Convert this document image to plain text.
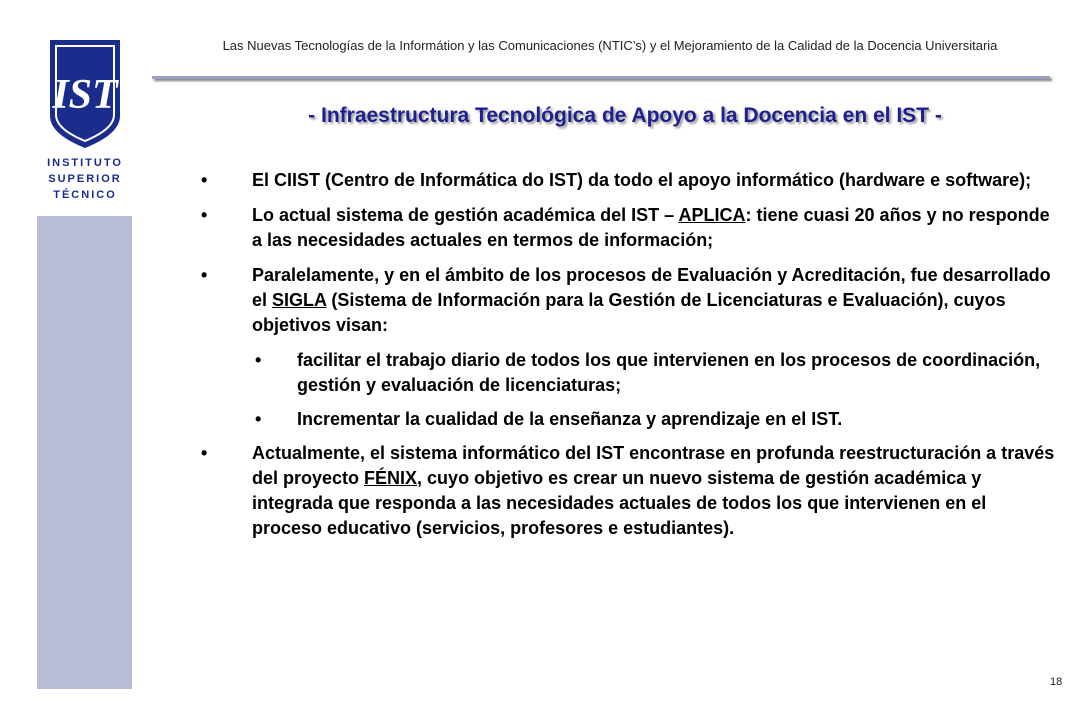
IST
INSTITUTO
SUPERIOR
TÉCNICO
Las Nuevas Tecnologías de la Informátion y las Comunicaciones (NTIC’s) y el Mejoramiento de la Calidad de la Docencia Universitaria
- Infraestructura Tecnológica de Apoyo a la Docencia en el IST -
• El CIIST (Centro de Informática do IST) da todo el apoyo informático (hardware e software);
• Lo actual sistema de gestión académica del IST – APLICA: tiene cuasi 20 años y no responde a las necesidades actuales en termos de información;
• Paralelamente, y en el ámbito de los procesos de Evaluación y Acreditación, fue desarrollado el SIGLA (Sistema de Información para la Gestión de Licenciaturas e Evaluación), cuyos objetivos visan:
• facilitar el trabajo diario de todos los que intervienen en los procesos de coordinación, gestión y evaluación de licenciaturas;
• Incrementar la cualidad de la enseñanza y aprendizaje en el IST.
• Actualmente, el sistema informático del IST encontrase en profunda reestructuración a través del proyecto FÉNIX, cuyo objetivo es crear un nuevo sistema de gestión académica y integrada que responda a las necesidades actuales de todos los que intervienen en el proceso educativo (servicios, profesores e estudiantes).
18
